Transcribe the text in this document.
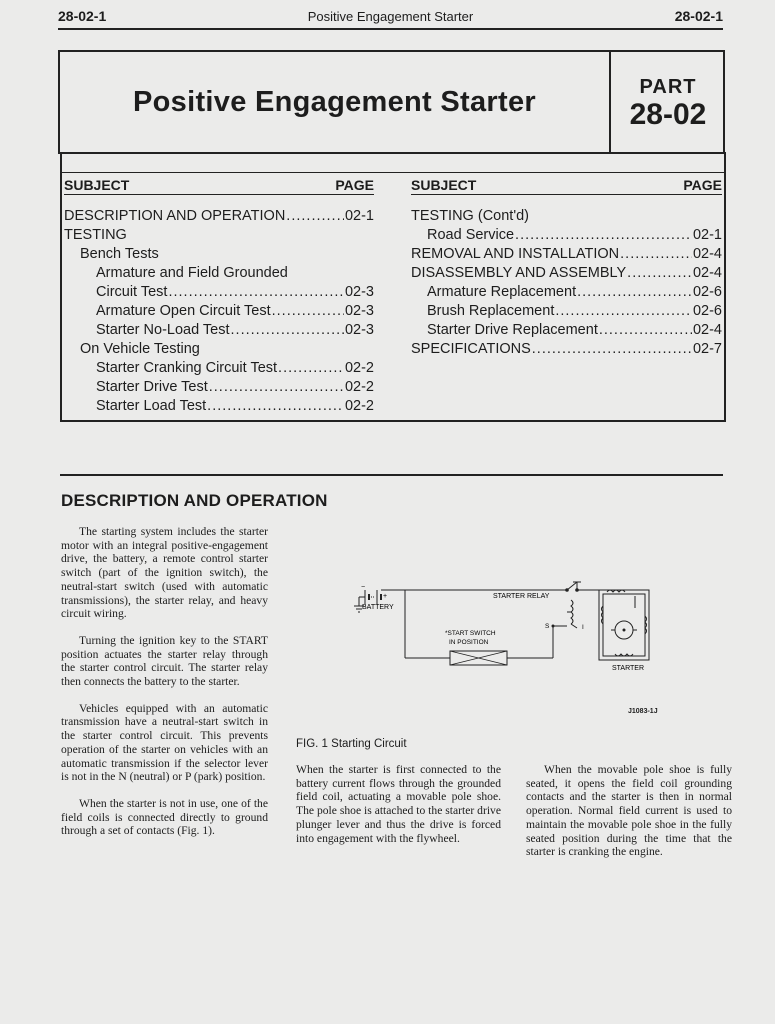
28-02-1	Positive Engagement Starter	28-02-1
Positive Engagement Starter	PART
28-02
SUBJECT	PAGE
DESCRIPTION AND OPERATION .....	02-1
TESTING
Bench Tests
Armature and Field Grounded
Circuit Test .....	02-3
Armature Open Circuit Test .....	02-3
Starter No-Load Test .....	02-3
On Vehicle Testing
Starter Cranking Circuit Test .....	02-2
Starter Drive Test .....	02-2
Starter Load Test .....	02-2
SUBJECT	PAGE
TESTING (Cont'd)
Road Service .....	02-1
REMOVAL AND INSTALLATION .....	02-4
DISASSEMBLY AND ASSEMBLY .....	02-4
Armature Replacement .....	02-6
Brush Replacement .....	02-6
Starter Drive Replacement .....	02-4
SPECIFICATIONS .....	02-7
DESCRIPTION AND OPERATION

The starting system includes the starter motor with an integral positive-engagement drive, the battery, a remote control starter switch (part of the ignition switch), the neutral-start switch (used with automatic transmissions), the starter relay, and heavy circuit wiring.

Turning the ignition key to the START position actuates the starter relay through the starter control circuit. The starter relay then connects the battery to the starter.

Vehicles equipped with an automatic transmission have a neutral-start switch in the starter control circuit. This prevents operation of the starter on vehicles with an automatic transmission if the selector lever is not in the N (neutral) or P (park) position.

When the starter is not in use, one of the field coils is connected directly to ground through a set of contacts (Fig. 1).

−
+
BATTERY
STARTER RELAY
S	I
*START SWITCH
IN POSITION
STARTER
J1083-1J
FIG. 1 Starting Circuit

When the starter is first connected to the battery current flows through the grounded field coil, actuating a movable pole shoe. The pole shoe is attached to the starter drive plunger lever and thus the drive is forced into engagement with the flywheel.

When the movable pole shoe is fully seated, it opens the field coil grounding contacts and the starter is then in normal operation. Normal field current is used to maintain the movable pole shoe in the fully seated position during the time that the starter is cranking the engine.
